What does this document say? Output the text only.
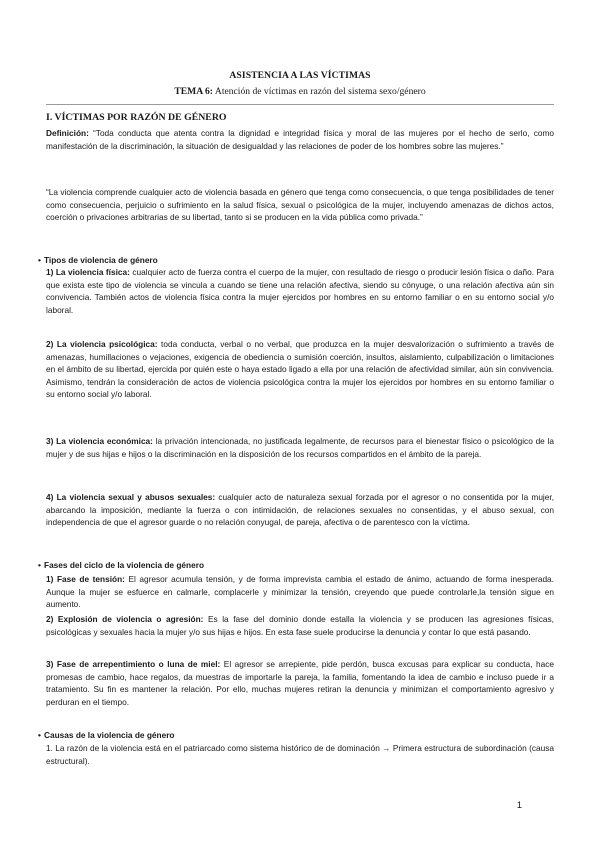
ASISTENCIA A LAS VÍCTIMAS
TEMA 6: Atención de víctimas en razón del sistema sexo/género
I. VÍCTIMAS POR RAZÓN DE GÉNERO

Definición: “Toda conducta que atenta contra la dignidad e integridad física y moral de las mujeres por el hecho de serlo, como manifestación de la discriminación, la situación de desigualdad y las relaciones de poder de los hombres sobre las mujeres.”

“La violencia comprende cualquier acto de violencia basada en género que tenga como consecuencia, o que tenga posibilidades de tener como consecuencia, perjuicio o sufrimiento en la salud física, sexual o psicológica de la mujer, incluyendo amenazas de dichos actos, coerción o privaciones arbitrarias de su libertad, tanto si se producen en la vida pública como privada.”

• Tipos de violencia de género

1) La violencia física: cualquier acto de fuerza contra el cuerpo de la mujer, con resultado de riesgo o producir lesión física o daño. Para que exista este tipo de violencia se vincula a cuando se tiene una relación afectiva, siendo su cónyuge, o una relación afectiva aún sin convivencia. También actos de violencia física contra la mujer ejercidos por hombres en su entorno familiar o en su entorno social y/o laboral.

2) La violencia psicológica: toda conducta, verbal o no verbal, que produzca en la mujer desvalorización o sufrimiento a través de amenazas, humillaciones o vejaciones, exigencia de obediencia o sumisión coerción, insultos, aislamiento, culpabilización o limitaciones en el ámbito de su libertad, ejercida por quién este o haya estado ligado a ella por una relación de afectividad similar, aún sin convivencia. Asimismo, tendrán la consideración de actos de violencia psicológica contra la mujer los ejercidos por hombres en su entorno familiar o su entorno social y/o laboral.

3) La violencia económica: la privación intencionada, no justificada legalmente, de recursos para el bienestar físico o psicológico de la mujer y de sus hijas e hijos o la discriminación en la disposición de los recursos compartidos en el ámbito de la pareja.

4) La violencia sexual y abusos sexuales: cualquier acto de naturaleza sexual forzada por el agresor o no consentida por la mujer, abarcando la imposición, mediante la fuerza o con intimidación, de relaciones sexuales no consentidas, y el abuso sexual, con independencia de que el agresor guarde o no relación conyugal, de pareja, afectiva o de parentesco con la víctima.

• Fases del ciclo de la violencia de género

1) Fase de tensión: El agresor acumula tensión, y de forma imprevista cambia el estado de ánimo, actuando de forma inesperada. Aunque la mujer se esfuerce en calmarle, complacerle y minimizar la tensión, creyendo que puede controlarle,la tensión sigue en aumento.

2) Explosión de violencia o agresión: Es la fase del dominio donde estalla la violencia y se producen las agresiones físicas, psicológicas y sexuales hacia la mujer y/o sus hijas e hijos. En esta fase suele producirse la denuncia y contar lo que está pasando.

3) Fase de arrepentimiento o luna de miel: El agresor se arrepiente, pide perdón, busca excusas para explicar su conducta, hace promesas de cambio, hace regalos, da muestras de importarle la pareja, la familia, fomentando la idea de cambio e incluso puede ir a tratamiento. Su fin es mantener la relación. Por ello, muchas mujeres retiran la denuncia y minimizan el comportamiento agresivo y perduran en el tiempo.

• Causas de la violencia de género

1. La razón de la violencia está en el patriarcado como sistema histórico de de dominación → Primera estructura de subordinación (causa estructural).

1
